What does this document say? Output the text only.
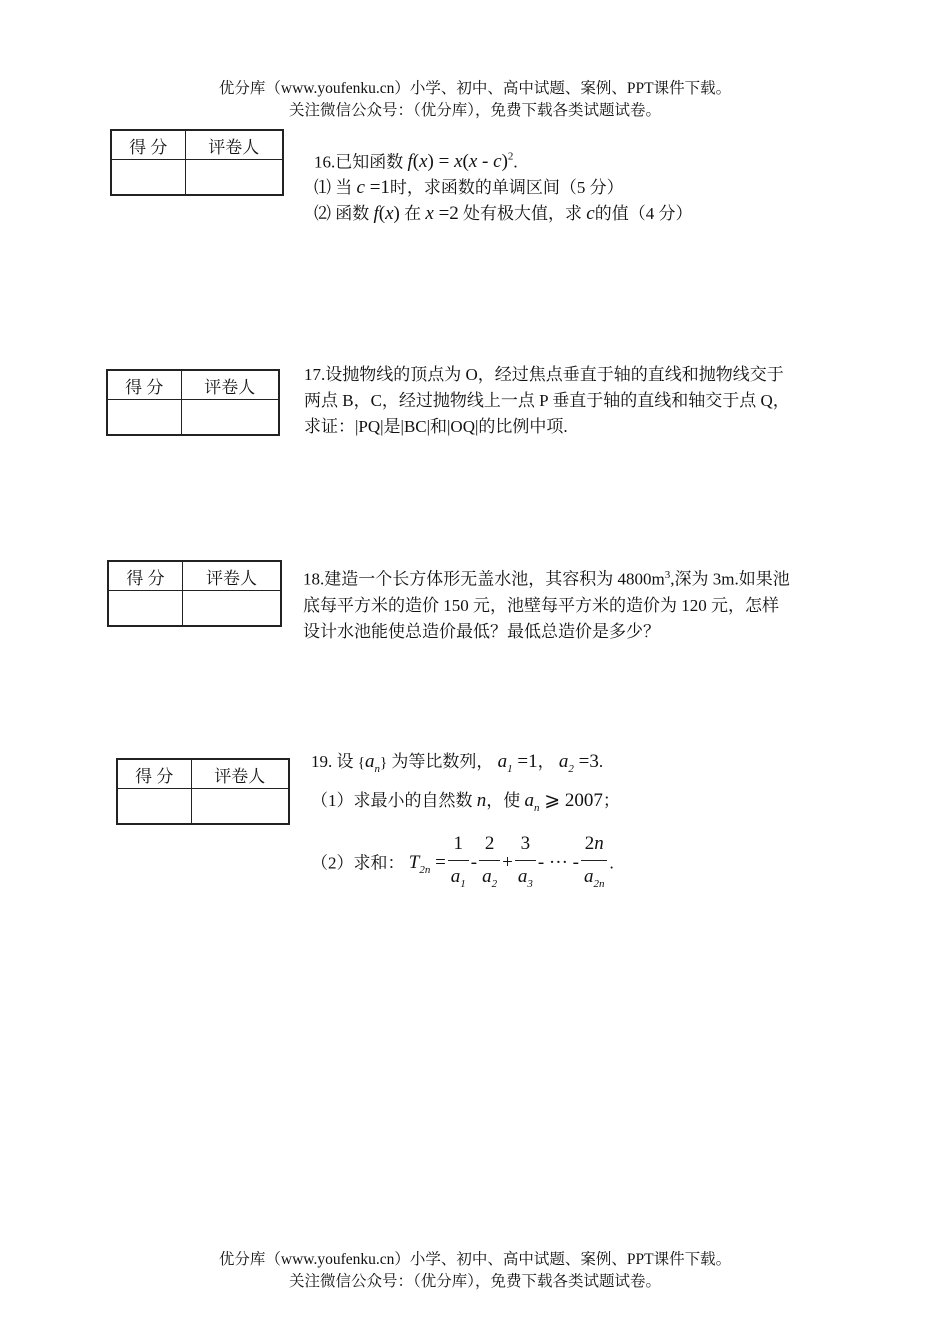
优分库（www.youfenku.cn）小学、初中、高中试题、案例、PPT课件下载。
关注微信公众号：（优分库），免费下载各类试题试卷。
得 分	评卷人

16.已知函数 f(x) = x(x - c)$^2$.
⑴ 当 c =1时，求函数的单调区间（5 分）
⑵ 函数 f(x) 在 x =2 处有极大值，求 c的值（4 分）
得 分	评卷人

17.设抛物线的顶点为 O，经过焦点垂直于轴的直线和抛物线交于
两点 B，C，经过抛物线上一点 P 垂直于轴的直线和轴交于点 Q，
求证：|PQ|是|BC|和|OQ|的比例中项.
得 分	评卷人
		18.建造一个长方体形无盖水池，其容积为 $4800m^3$,深为 3m.如果池
底每平方米的造价 150 元，池壁每平方米的造价为 120 元，怎样
设计水池能使总造价最低？最低总造价是多少？
得 分	评卷人

19. 设 $\{a_n\}$ 为等比数列， $a_1 =1$， $a_2 =3$.
（1）求最小的自然数 n，使 $a_n$ ⩾ 2007；
（2）求和： $T_{2n} = \frac{1}{a_1} - \frac{2}{a_2} + \frac{3}{a_3}$ - ··· - $\frac{2n}{a_{2n}}$ .
优分库（www.youfenku.cn）小学、初中、高中试题、案例、PPT课件下载。
关注微信公众号：（优分库），免费下载各类试题试卷。
